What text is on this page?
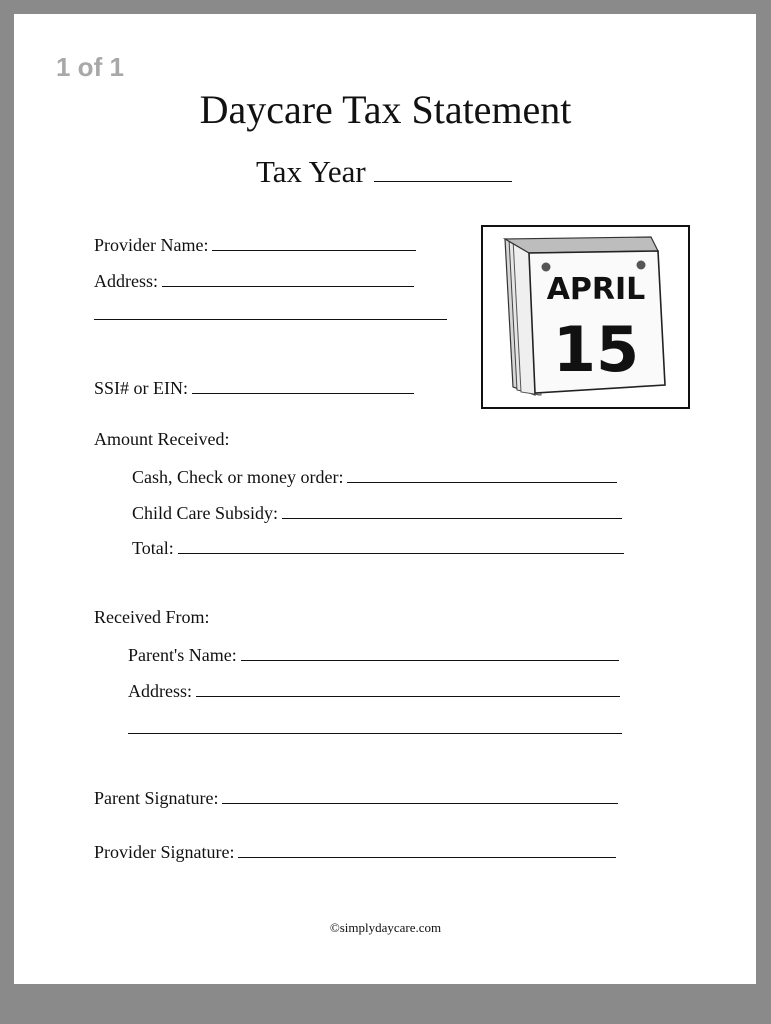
1 of 1
Daycare Tax Statement
Tax Year
Provider Name:
Address:
SSI# or EIN:
APRIL
15
Amount Received:
Cash, Check or money order:
Child Care Subsidy:
Total:
Received From:
Parent's Name:
Address:
Parent Signature:
Provider Signature:
©simplydaycare.com
